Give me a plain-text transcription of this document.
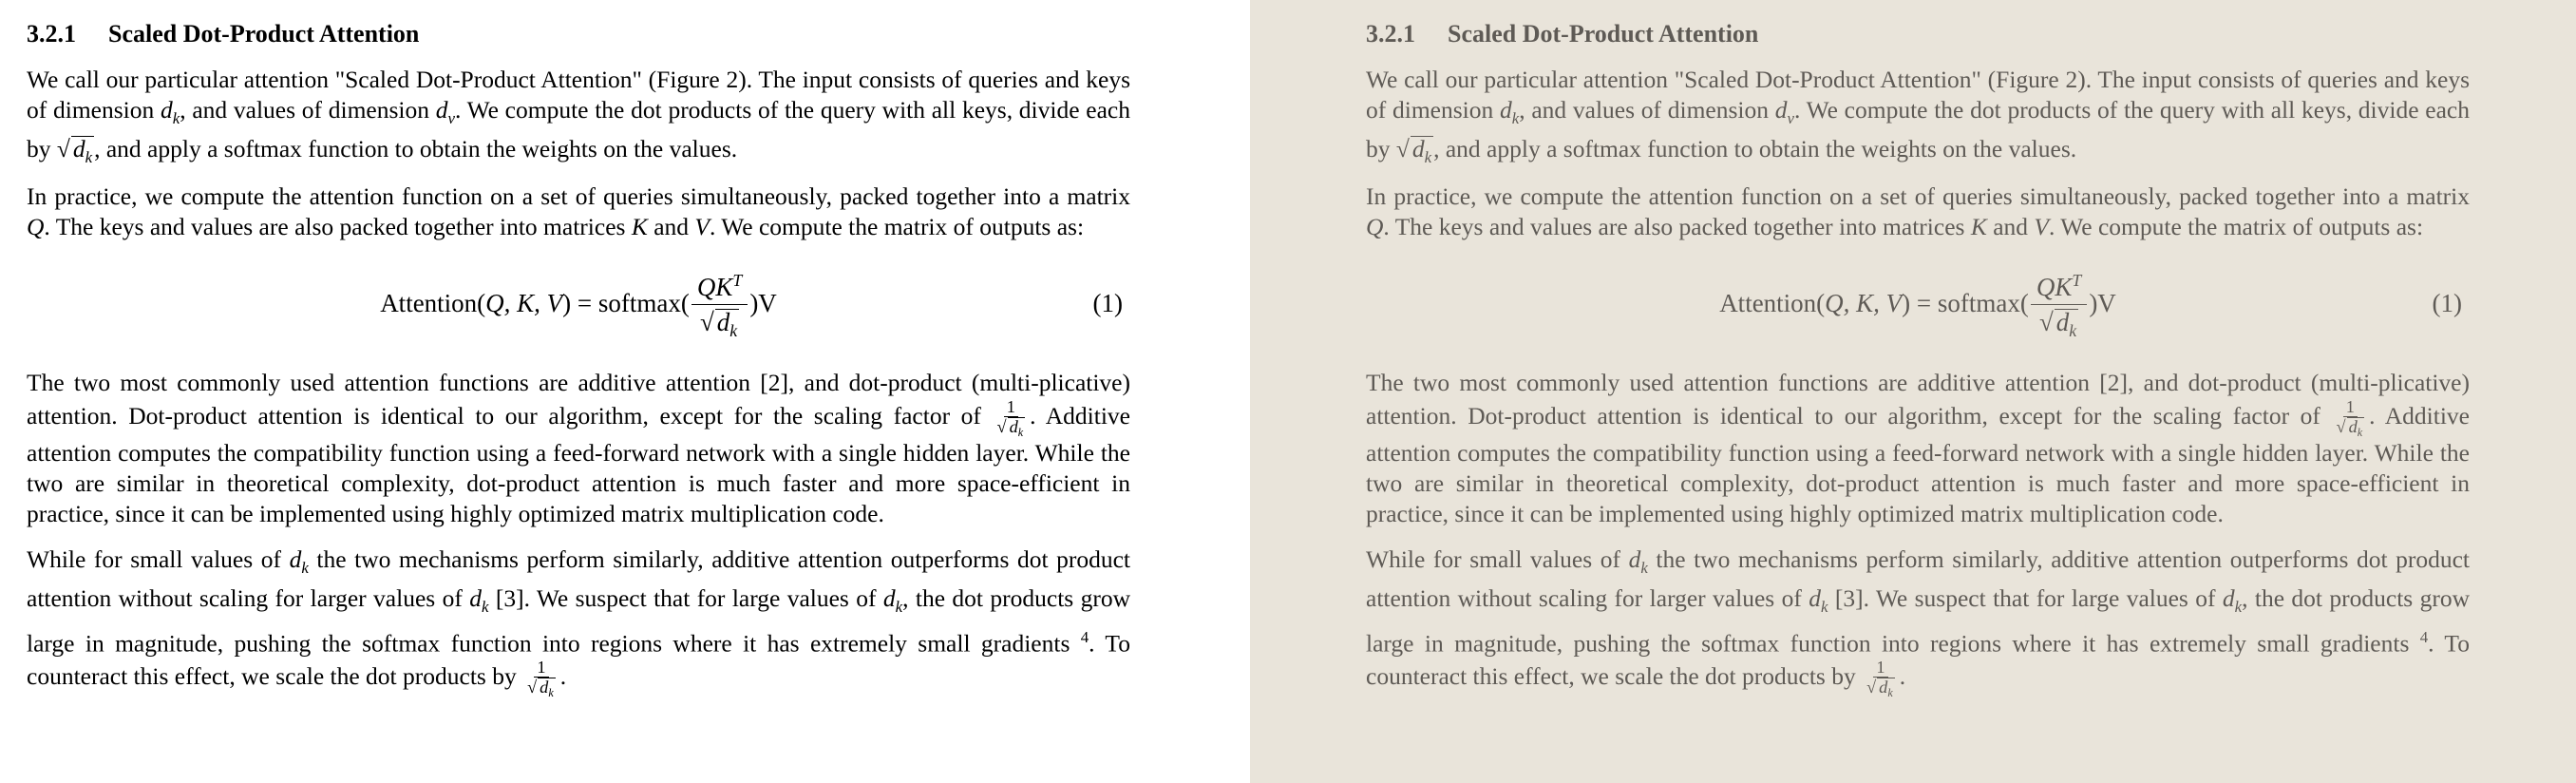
3.2.1 Scaled Dot-Product Attention

We call our particular attention "Scaled Dot-Product Attention" (Figure 2). The input consists of queries and keys of dimension $d_k$, and values of dimension $d_v$. We compute the dot products of the query with all keys, divide each by √ $d_k$, and apply a softmax function to obtain the weights on the values.

In practice, we compute the attention function on a set of queries simultaneously, packed together into a matrix Q. The keys and values are also packed together into matrices K and V. We compute the matrix of outputs as:

Attention( Q, K, V ) = softmax(
$QK^T$
√ $d_k$
)V	(1)

The two most commonly used attention functions are additive attention [2], and dot-product (multi-plicative) attention. Dot-product attention is identical to our algorithm, except for the scaling factor of $\frac{1}{√ d_k}$ . Additive attention computes the compatibility function using a feed-forward network with a single hidden layer. While the two are similar in theoretical complexity, dot-product attention is much faster and more space-efficient in practice, since it can be implemented using highly optimized matrix multiplication code.

While for small values of $d_k$ the two mechanisms perform similarly, additive attention outperforms dot product attention without scaling for larger values of $d_k$ [3]. We suspect that for large values of $d_k$, the dot products grow large in magnitude, pushing the softmax function into regions where it has extremely small gradients $^4$. To counteract this effect, we scale the dot products by $\frac{1}{√ d_k}$ .

3.2.1 Scaled Dot-Product Attention

We call our particular attention "Scaled Dot-Product Attention" (Figure 2). The input consists of queries and keys of dimension $d_k$, and values of dimension $d_v$. We compute the dot products of the query with all keys, divide each by √ $d_k$, and apply a softmax function to obtain the weights on the values.

In practice, we compute the attention function on a set of queries simultaneously, packed together into a matrix Q. The keys and values are also packed together into matrices K and V. We compute the matrix of outputs as:

Attention( Q, K, V ) = softmax(
$QK^T$
√ $d_k$
)V	(1)

The two most commonly used attention functions are additive attention [2], and dot-product (multi-plicative) attention. Dot-product attention is identical to our algorithm, except for the scaling factor of $\frac{1}{√ d_k}$ . Additive attention computes the compatibility function using a feed-forward network with a single hidden layer. While the two are similar in theoretical complexity, dot-product attention is much faster and more space-efficient in practice, since it can be implemented using highly optimized matrix multiplication code.

While for small values of $d_k$ the two mechanisms perform similarly, additive attention outperforms dot product attention without scaling for larger values of $d_k$ [3]. We suspect that for large values of $d_k$, the dot products grow large in magnitude, pushing the softmax function into regions where it has extremely small gradients $^4$. To counteract this effect, we scale the dot products by $\frac{1}{√ d_k}$ .
